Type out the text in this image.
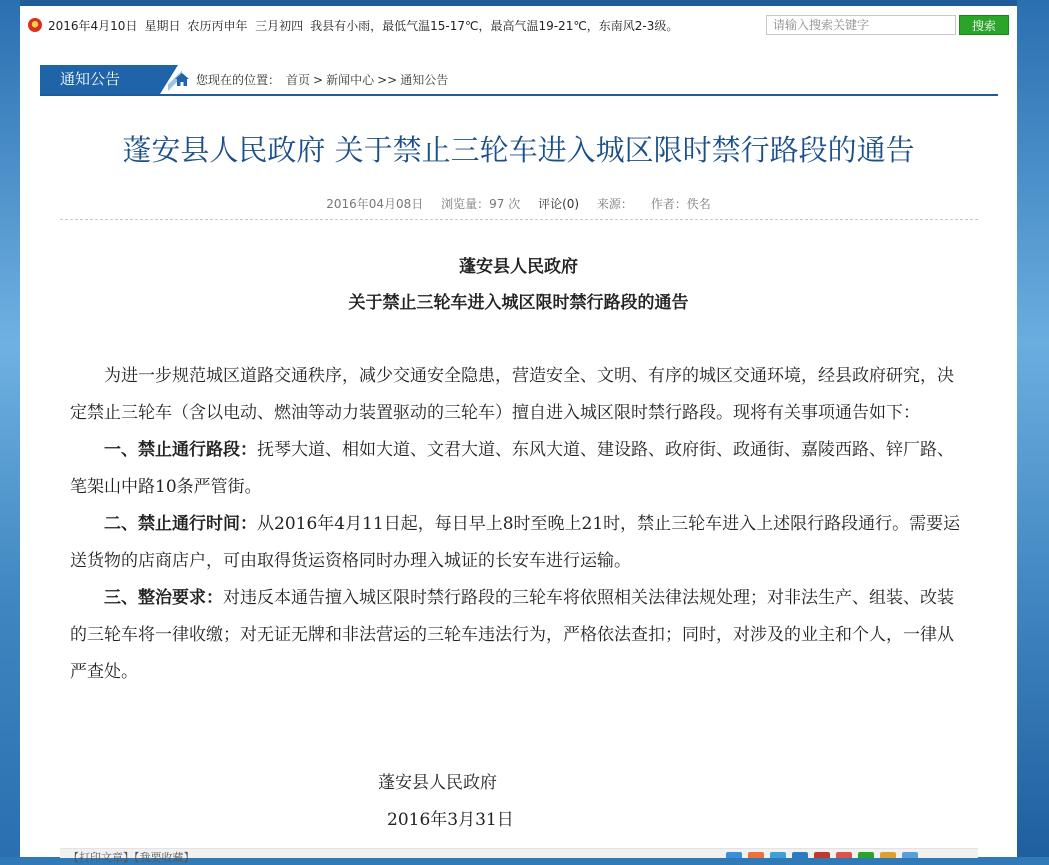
2016年4月10日 星期日 农历丙申年  三月初四 我县有小雨，最低气温15-17℃，最高气温19-21℃，东南风2-3级。
请输入搜索关键字	搜索
通知公告	您现在的位置： 首页 > 新闻中心 >> 通知公告
蓬安县人民政府 关于禁止三轮车进入城区限时禁行路段的通告
2016年04月08日 浏览量：97 次 评论(0) 来源： 作者：佚名
蓬安县人民政府
关于禁止三轮车进入城区限时禁行路段的通告

为进一步规范城区道路交通秩序，减少交通安全隐患，营造安全、文明、有序的城区交通环境，经县政府研究，决定禁止三轮车（含以电动、燃油等动力装置驱动的三轮车）擅自进入城区限时禁行路段。现将有关事项通告如下：

一、禁止通行路段：抚琴大道、相如大道、文君大道、东风大道、建设路、政府街、政通街、嘉陵西路、锌厂路、笔架山中路10条严管街。

二、禁止通行时间：从2016年4月11日起，每日早上8时至晚上21时，禁止三轮车进入上述限行路段通行。需要运送货物的店商店户，可由取得货运资格同时办理入城证的长安车进行运输。

三、整治要求：对违反本通告擅入城区限时禁行路段的三轮车将依照相关法律法规处理；对非法生产、组装、改装的三轮车将一律收缴；对无证无牌和非法营运的三轮车违法行为，严格依法查扣；同时，对涉及的业主和个人，一律从严查处。

蓬安县人民政府
2016年3月31日
【打印文章】【我要收藏】
